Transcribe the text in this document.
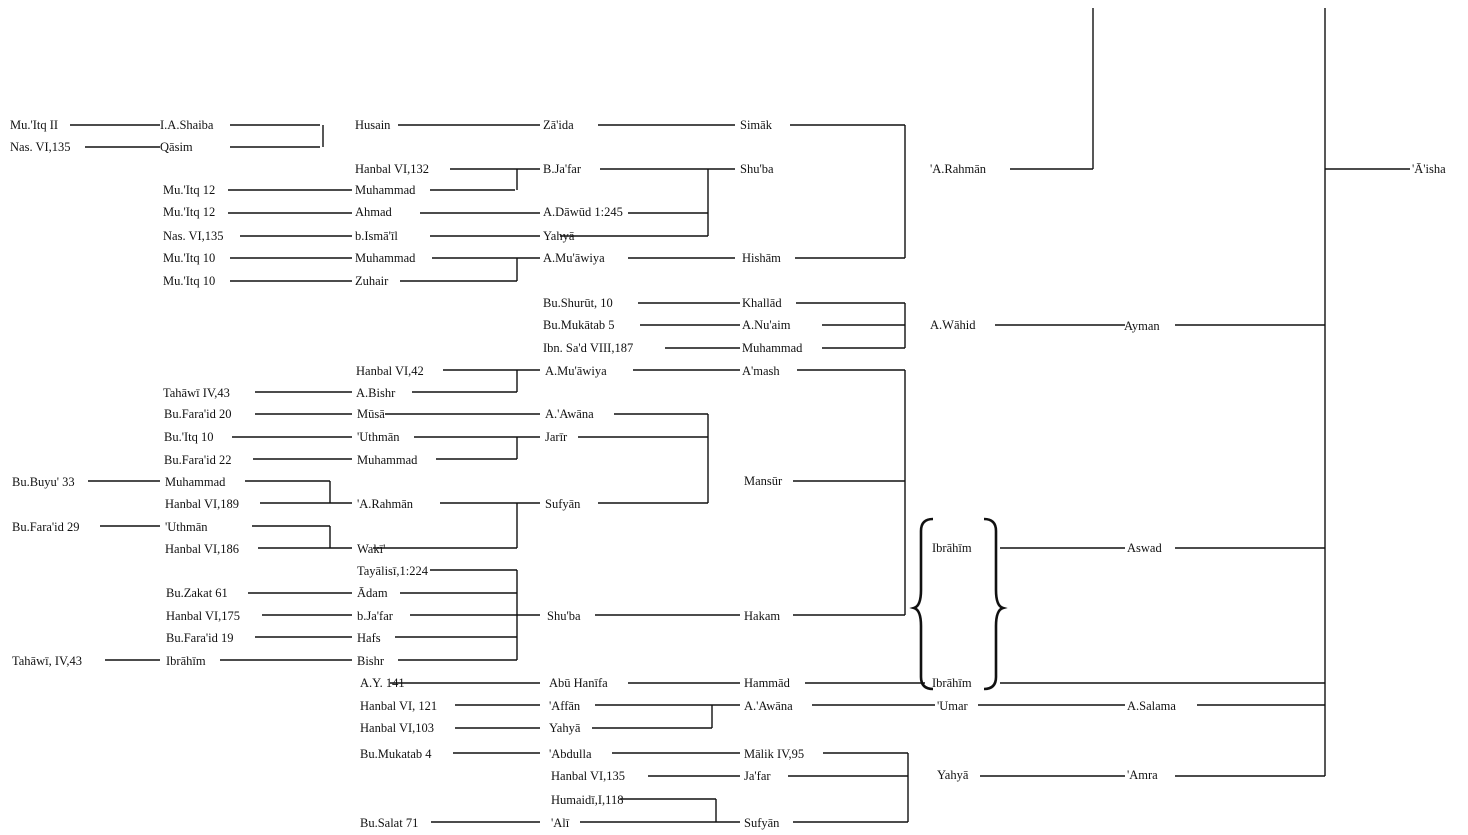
Mu.'Itq II
Nas. VI,135
Bu.Buyu' 33
Bu.Fara'id 29
Tahāwī, IV,43
I.A.Shaiba
Qāsim
Tahāwī IV,43
Mu.'Itq 12
Mu.'Itq 12
Nas. VI,135
Mu.'Itq 10
Mu.'Itq 10
Bu.Fara'id 20
Bu.'Itq 10
Bu.Fara'id 22
Muhammad
Hanbal VI,189
'Uthmān
Hanbal VI,186
Bu.Zakat 61
Hanbal VI,175
Bu.Fara'id 19
Ibrāhīm
Husain
Hanbal VI,132
Muhammad
Ahmad
b.Ismā'īl
Muhammad
Zuhair
Hanbal VI,42
A.Bishr
Mūsā
'Uthmān
Muhammad
'A.Rahmān
Wakī'
Tayālisī,1:224
Ādam
b.Ja'far
Hafs
Bishr
A.Y. 141
Hanbal VI, 121
Hanbal VI,103
Bu.Mukatab 4
Bu.Salat 71
Zā'ida
B.Ja'far
A.Dāwūd 1:245
Yahyā
A.Mu'āwiya
Bu.Shurūt, 10
Bu.Mukātab 5
Ibn. Sa'd VIII,187
A.Mu'āwiya
A.'Awāna
Jarīr
Sufyān
Shu'ba
Abū Hanīfa
'Affān
Yahyā
'Abdulla
Hanbal VI,135
Humaidī,I,118
'Alī
Simāk
Shu'ba
Hishām
Khallād
A.Nu'aim
Muhammad
A'mash
Mansūr
Hakam
Hammād
A.'Awāna
Mālik IV,95
Ja'far
Sufyān
'A.Rahmān
A.Wāhid
Ibrāhīm
Ibrāhīm
'Umar
Yahyā
Ayman
Aswad
A.Salama
'Amra
'Ā'isha
